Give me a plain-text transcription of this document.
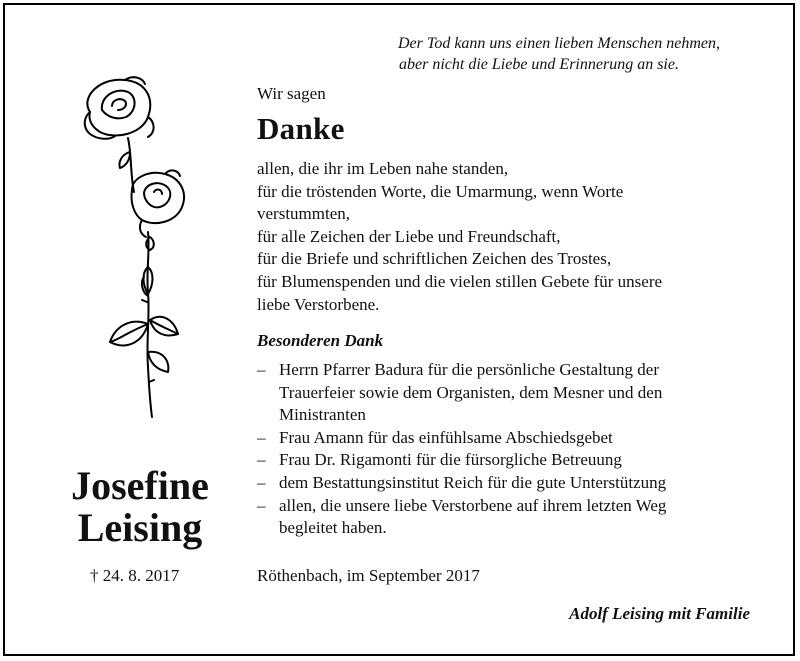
Der Tod kann uns einen lieben Menschen nehmen,
aber nicht die Liebe und Erinnerung an sie.
Wir sagen
Danke
allen, die ihr im Leben nahe standen,
für die tröstenden Worte, die Umarmung, wenn Worte
verstummten,
für alle Zeichen der Liebe und Freundschaft,
für die Briefe und schriftlichen Zeichen des Trostes,
für Blumenspenden und die vielen stillen Gebete für unsere
liebe Verstorbene.
Besonderen Dank
– Herrn Pfarrer Badura für die persönliche Gestaltung der
Trauerfeier sowie dem Organisten, dem Mesner und den
Ministranten
– Frau Amann für das einfühlsame Abschiedsgebet
– Frau Dr. Rigamonti für die fürsorgliche Betreuung
– dem Bestattungsinstitut Reich für die gute Unterstützung
– allen, die unsere liebe Verstorbene auf ihrem letzten Weg
begleitet haben.
Josefine
Leising
† 24. 8. 2017	Röthenbach, im September 2017
Adolf Leising mit Familie
